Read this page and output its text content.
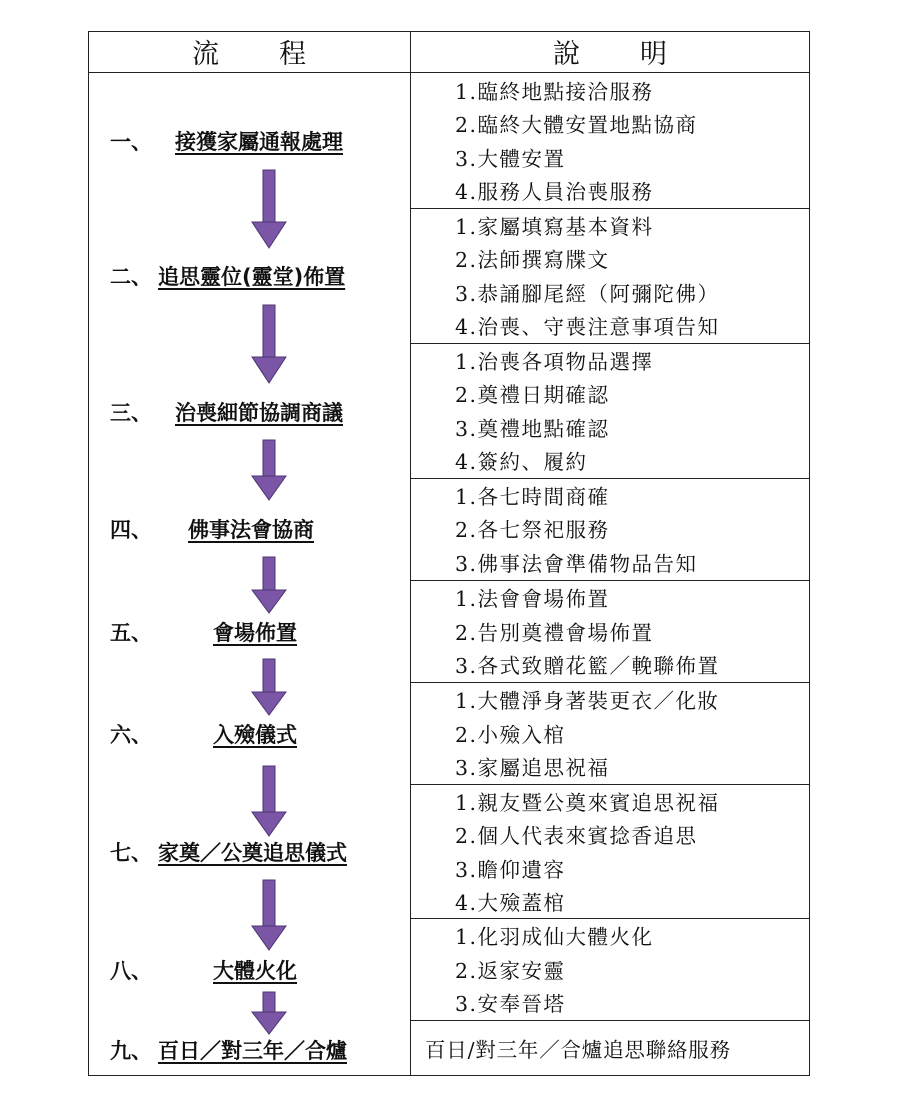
流 程	說 明
一、 接獲家屬通報處理
1.臨終地點接洽服務
2.臨終大體安置地點協商
3.大體安置
4.服務人員治喪服務
二、 追思靈位(靈堂)佈置
1.家屬填寫基本資料
2.法師撰寫牒文
3.恭誦腳尾經（阿彌陀佛）
4.治喪、守喪注意事項告知
三、 治喪細節協調商議
1.治喪各項物品選擇
2.奠禮日期確認
3.奠禮地點確認
4.簽約、履約
四、 佛事法會協商
1.各七時間商確
2.各七祭祀服務
3.佛事法會準備物品告知
五、	會場佈置
1.法會會場佈置
2.告別奠禮會場佈置
3.各式致贈花籃／輓聯佈置
六、	入殮儀式
1.大體淨身著裝更衣／化妝
2.小殮入棺
3.家屬追思祝福
七、 家奠／公奠追思儀式
1.親友暨公奠來賓追思祝福
2.個人代表來賓捻香追思
3.瞻仰遺容
4.大殮蓋棺
八、	大體火化
1.化羽成仙大體火化
2.返家安靈
3.安奉晉塔
九、 百日／對三年／合爐	百日/對三年／合爐追思聯絡服務
